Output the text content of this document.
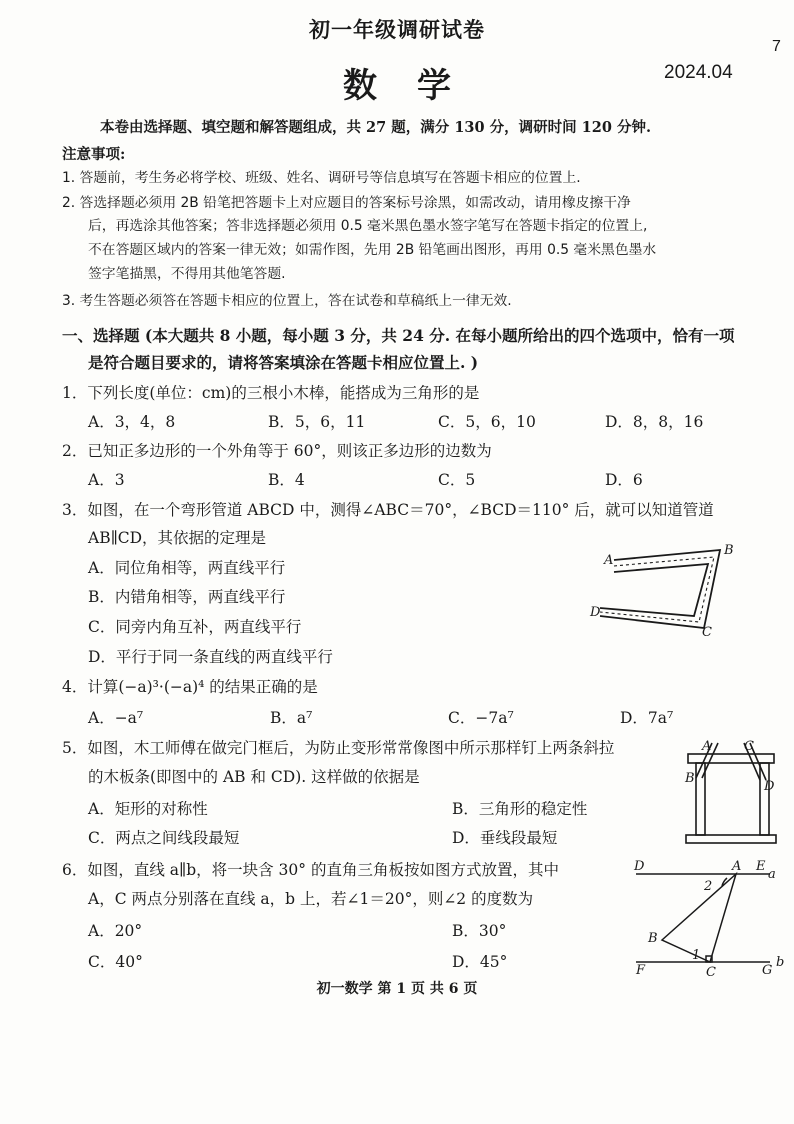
初一年级调研试卷
数学	2024.04
7
本卷由选择题、填空题和解答题组成，共 27 题，满分 130 分，调研时间 120 分钟.
注意事项:
1. 答题前，考生务必将学校、班级、姓名、调研号等信息填写在答题卡相应的位置上.
2. 答选择题必须用 2B 铅笔把答题卡上对应题目的答案标号涂黑，如需改动，请用橡皮擦干净
后，再选涂其他答案；答非选择题必须用 0.5 毫米黑色墨水签字笔写在答题卡指定的位置上,
不在答题区域内的答案一律无效；如需作图，先用 2B 铅笔画出图形，再用 0.5 毫米黑色墨水
签字笔描黑，不得用其他笔答题.
3. 考生答题必须答在答题卡相应的位置上，答在试卷和草稿纸上一律无效.
一、选择题 (本大题共 8 小题，每小题 3 分，共 24 分. 在每小题所给出的四个选项中，恰有一项
是符合题目要求的，请将答案填涂在答题卡相应位置上. )
1．下列长度(单位：cm)的三根小木棒，能搭成为三角形的是
A．3，4，8	B．5，6，11	C．5，6，10	D．8，8，16
2．已知正多边形的一个外角等于 60°，则该正多边形的边数为
A．3	B．4	C．5	D．6
3．如图，在一个弯形管道 ABCD 中，测得∠ABC＝70°，∠BCD＝110° 后，就可以知道管道
AB∥CD，其依据的定理是
A．同位角相等，两直线平行
B．内错角相等，两直线平行
C．同旁内角互补，两直线平行
D．平行于同一条直线的两直线平行
A
B
C
D
4．计算(−a)³·(−a)⁴ 的结果正确的是
A．−a⁷	B．a⁷	C．−7a⁷	D．7a⁷
5．如图，木工师傅在做完门框后，为防止变形常常像图中所示那样钉上两条斜拉
的木板条(即图中的 AB 和 CD). 这样做的依据是
A．矩形的对称性	B．三角形的稳定性
C．两点之间线段最短	D．垂线段最短
A	C
B
D
6．如图，直线 a∥b，将一块含 30° 的直角三角板按如图方式放置，其中
A，C 两点分别落在直线 a，b 上，若∠1＝20°，则∠2 的度数为
A．20°	B．30°
C．40°	D．45°
D	A E
a
2
B
F
1
C	G
b
初一数学 第 1 页 共 6 页
